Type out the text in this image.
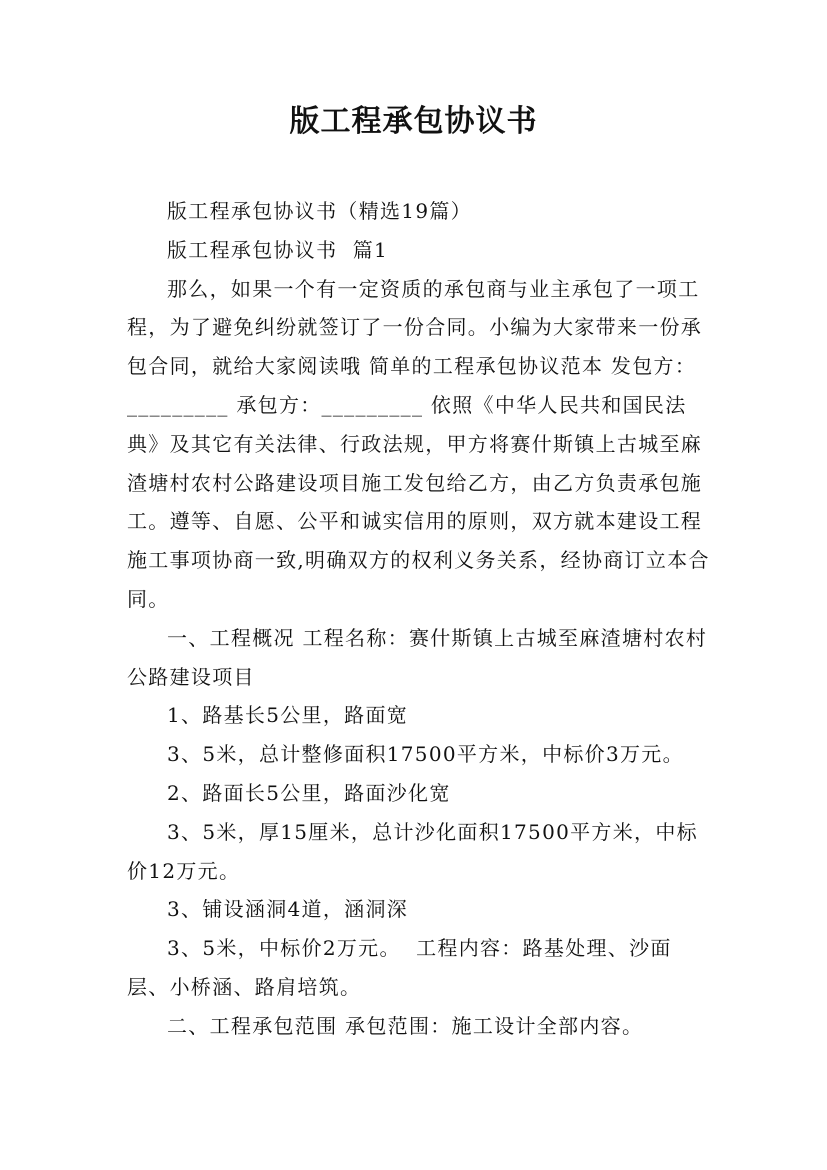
版工程承包协议书

版工程承包协议书（精选19篇）

版工程承包协议书  篇1

那么，如果一个有一定资质的承包商与业主承包了一项工程，为了避免纠纷就签订了一份合同。小编为大家带来一份承包合同，就给大家阅读哦 简单的工程承包协议范本 发包方：_________ 承包方：_________ 依照《中华人民共和国民法典》及其它有关法律、行政法规，甲方将赛什斯镇上古城至麻渣塘村农村公路建设项目施工发包给乙方，由乙方负责承包施工。遵等、自愿、公平和诚实信用的原则，双方就本建设工程施工事项协商一致,明确双方的权利义务关系，经协商订立本合同。

一、工程概况 工程名称：赛什斯镇上古城至麻渣塘村农村公路建设项目

1、路基长5公里，路面宽

3、5米，总计整修面积17500平方米，中标价3万元。

2、路面长5公里，路面沙化宽

3、5米，厚15厘米，总计沙化面积17500平方米，中标价12万元。

3、铺设涵洞4道，涵洞深

3、5米，中标价2万元。  工程内容：路基处理、沙面层、小桥涵、路肩培筑。

二、工程承包范围 承包范围：施工设计全部内容。
